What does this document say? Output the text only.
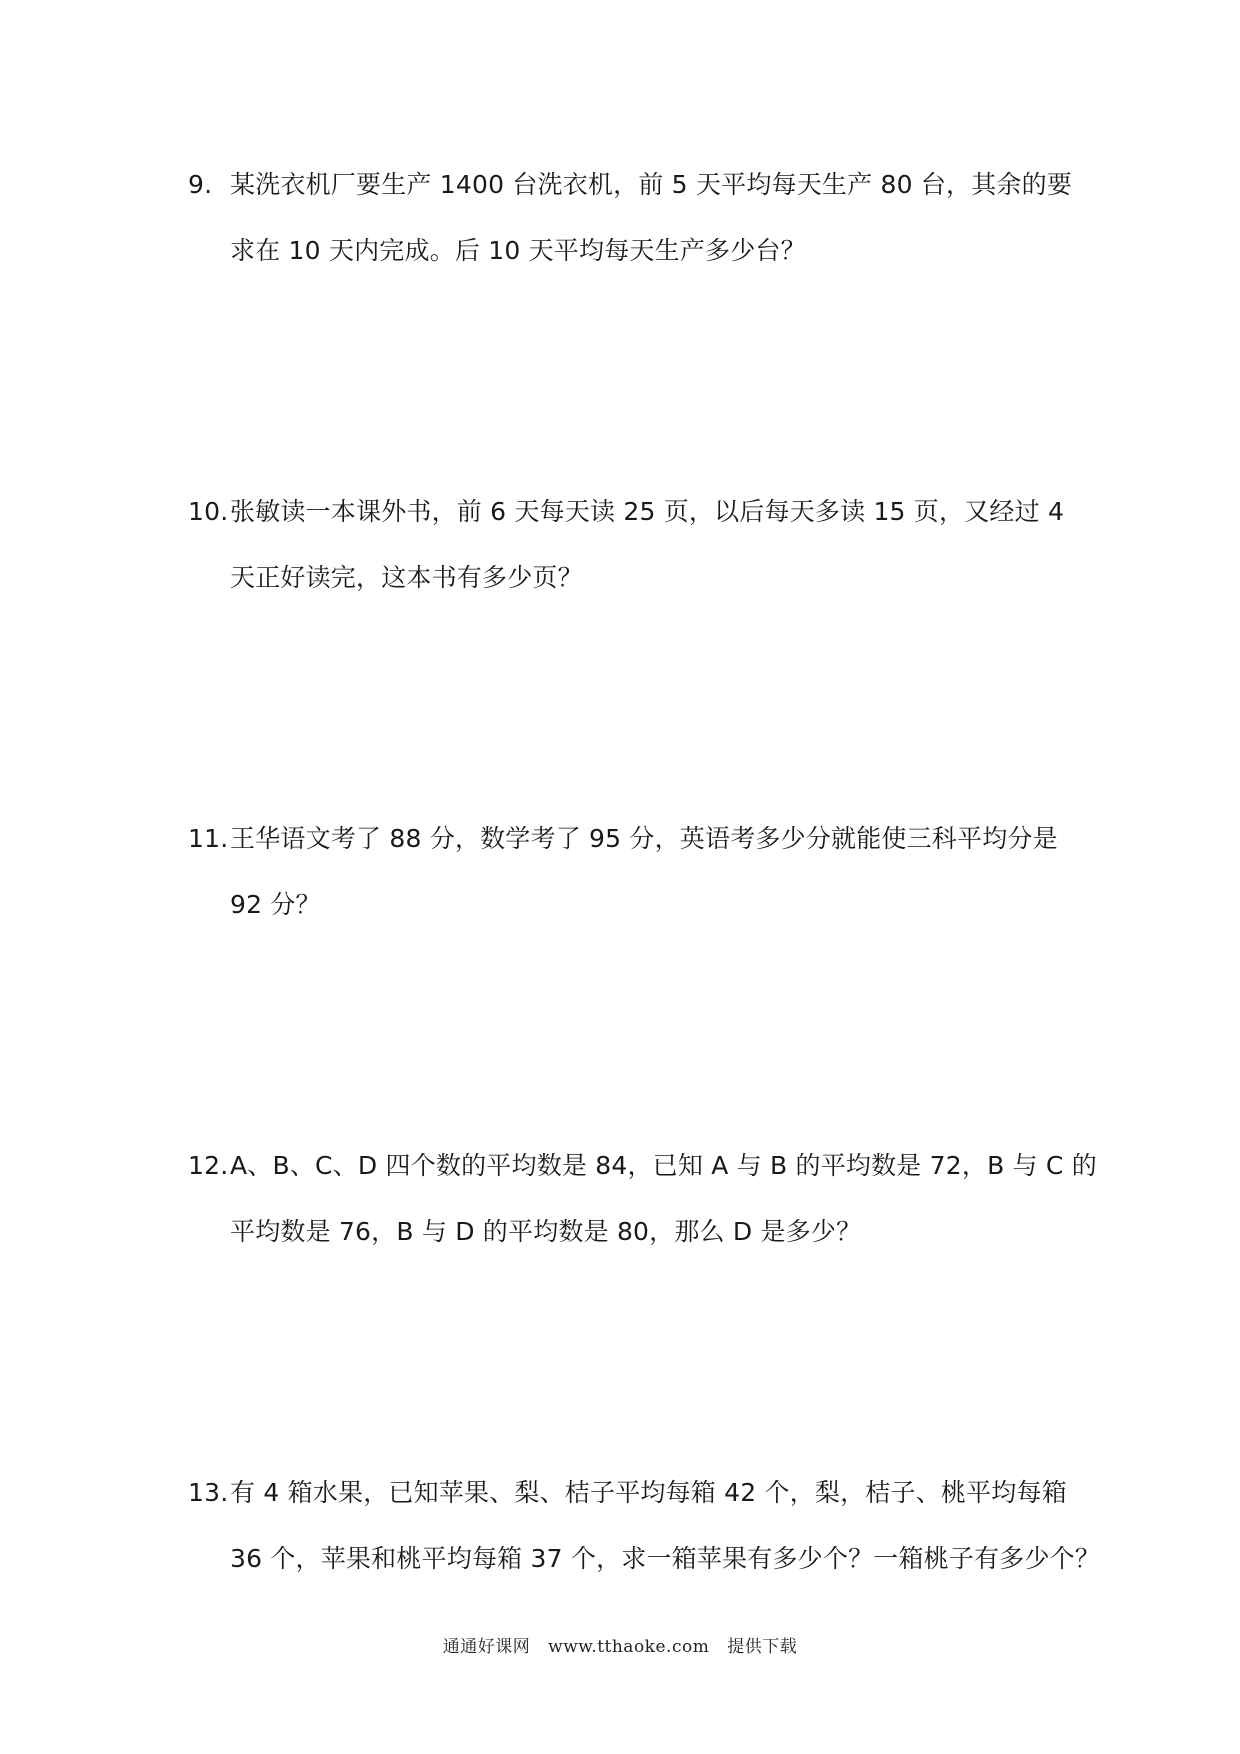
9. 某洗衣机厂要生产 1400 台洗衣机，前 5 天平均每天生产 80 台，其余的要
求在 10 天内完成。后 10 天平均每天生产多少台？
10.张敏读一本课外书，前 6 天每天读 25 页，以后每天多读 15 页，又经过 4
天正好读完，这本书有多少页？
11.王华语文考了 88 分，数学考了 95 分，英语考多少分就能使三科平均分是
92 分？
12.A、B、C、D 四个数的平均数是 84，已知 A 与 B 的平均数是 72，B 与 C 的
平均数是 76，B 与 D 的平均数是 80，那么 D 是多少？
13.有 4 箱水果，已知苹果、梨、桔子平均每箱 42 个，梨，桔子、桃平均每箱
36 个，苹果和桃平均每箱 37 个，求一箱苹果有多少个？一箱桃子有多少个？
通通好课网 www.tthaoke.com 提供下载
